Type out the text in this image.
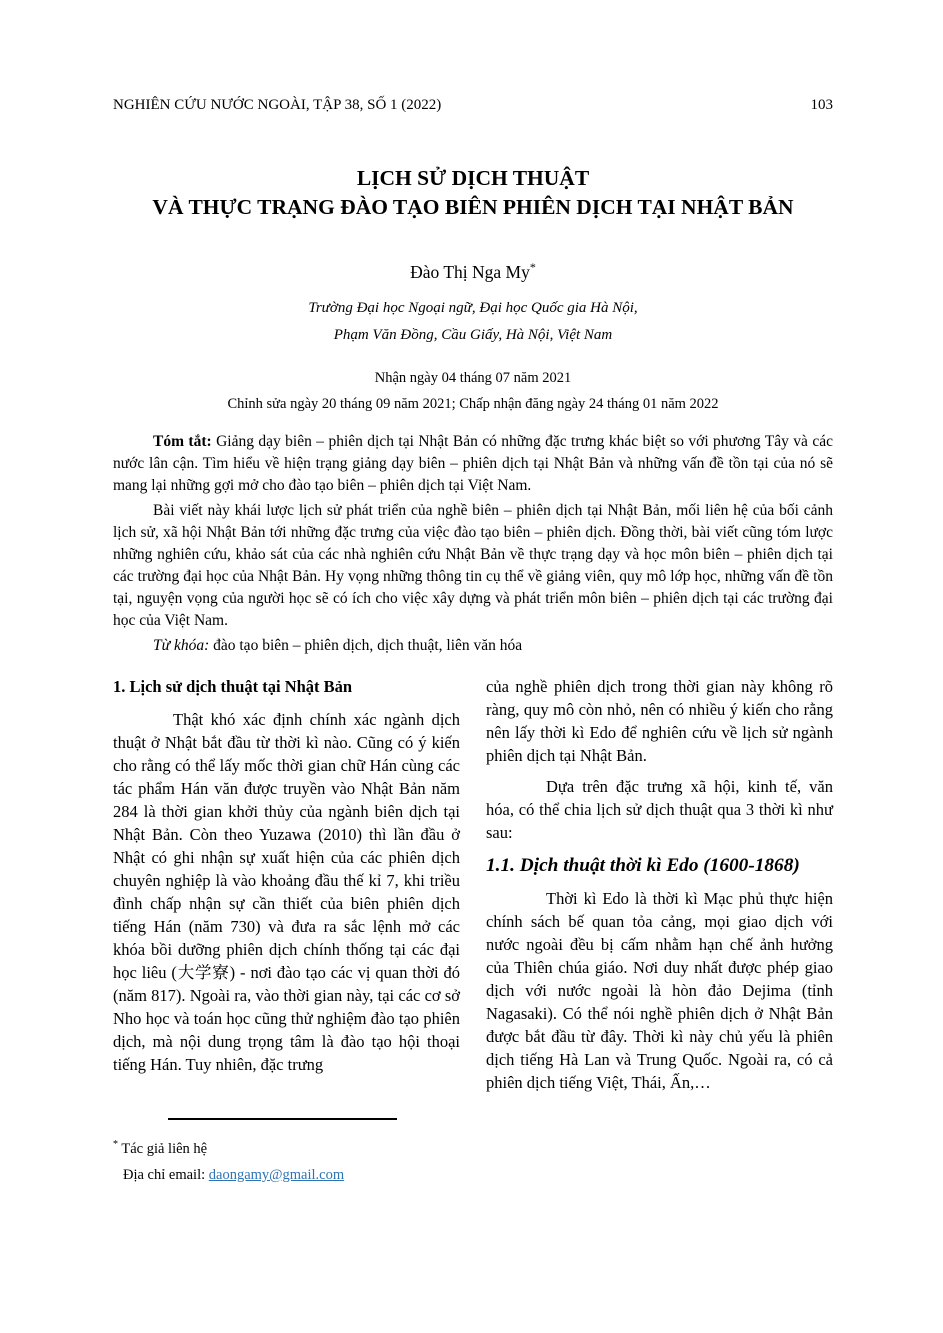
NGHIÊN CỨU NƯỚC NGOÀI, TẬP 38, SỐ 1 (2022)	103
LỊCH SỬ DỊCH THUẬT
VÀ THỰC TRẠNG ĐÀO TẠO BIÊN PHIÊN DỊCH TẠI NHẬT BẢN
Đào Thị Nga My*
Trường Đại học Ngoại ngữ, Đại học Quốc gia Hà Nội,
Phạm Văn Đồng, Cầu Giấy, Hà Nội, Việt Nam
Nhận ngày 04 tháng 07 năm 2021
Chỉnh sửa ngày 20 tháng 09 năm 2021; Chấp nhận đăng ngày 24 tháng 01 năm 2022

Tóm tắt: Giảng dạy biên – phiên dịch tại Nhật Bản có những đặc trưng khác biệt so với phương Tây và các nước lân cận. Tìm hiểu về hiện trạng giảng dạy biên – phiên dịch tại Nhật Bản và những vấn đề tồn tại của nó sẽ mang lại những gợi mở cho đào tạo biên – phiên dịch tại Việt Nam.

Bài viết này khái lược lịch sử phát triển của nghề biên – phiên dịch tại Nhật Bản, mối liên hệ của bối cảnh lịch sử, xã hội Nhật Bản tới những đặc trưng của việc đào tạo biên – phiên dịch. Đồng thời, bài viết cũng tóm lược những nghiên cứu, khảo sát của các nhà nghiên cứu Nhật Bản về thực trạng dạy và học môn biên – phiên dịch tại các trường đại học của Nhật Bản. Hy vọng những thông tin cụ thể về giảng viên, quy mô lớp học, những vấn đề tồn tại, nguyện vọng của người học sẽ có ích cho việc xây dựng và phát triển môn biên – phiên dịch tại các trường đại học của Việt Nam.

Từ khóa: đào tạo biên – phiên dịch, dịch thuật, liên văn hóa

1. Lịch sử dịch thuật tại Nhật Bản

Thật khó xác định chính xác ngành dịch thuật ở Nhật bắt đầu từ thời kì nào. Cũng có ý kiến cho rằng có thể lấy mốc thời gian chữ Hán cùng các tác phẩm Hán văn được truyền vào Nhật Bản năm 284 là thời gian khởi thủy của ngành biên dịch tại Nhật Bản. Còn theo Yuzawa (2010) thì lần đầu ở Nhật có ghi nhận sự xuất hiện của các phiên dịch chuyên nghiệp là vào khoảng đầu thế kỉ 7, khi triều đình chấp nhận sự cần thiết của biên phiên dịch tiếng Hán (năm 730) và đưa ra sắc lệnh mở các khóa bồi dưỡng phiên dịch chính thống tại các đại học liêu (大学寮) - nơi đào tạo các vị quan thời đó (năm 817). Ngoài ra, vào thời gian này, tại các cơ sở Nho học và toán học cũng thử nghiệm đào tạo phiên dịch, mà nội dung trọng tâm là đào tạo hội thoại tiếng Hán. Tuy nhiên, đặc trưng

của nghề phiên dịch trong thời gian này không rõ ràng, quy mô còn nhỏ, nên có nhiều ý kiến cho rằng nên lấy thời kì Edo để nghiên cứu về lịch sử ngành phiên dịch tại Nhật Bản.

Dựa trên đặc trưng xã hội, kinh tế, văn hóa, có thể chia lịch sử dịch thuật qua 3 thời kì như sau:

1.1. Dịch thuật thời kì Edo (1600-1868)

Thời kì Edo là thời kì Mạc phủ thực hiện chính sách bế quan tỏa cảng, mọi giao dịch với nước ngoài đều bị cấm nhằm hạn chế ảnh hưởng của Thiên chúa giáo. Nơi duy nhất được phép giao dịch với nước ngoài là hòn đảo Dejima (tỉnh Nagasaki). Có thể nói nghề phiên dịch ở Nhật Bản được bắt đầu từ đây. Thời kì này chủ yếu là phiên dịch tiếng Hà Lan và Trung Quốc. Ngoài ra, có cả phiên dịch tiếng Việt, Thái, Ấn,…

* Tác giả liên hệ

Địa chỉ email: daongamy@gmail.com
